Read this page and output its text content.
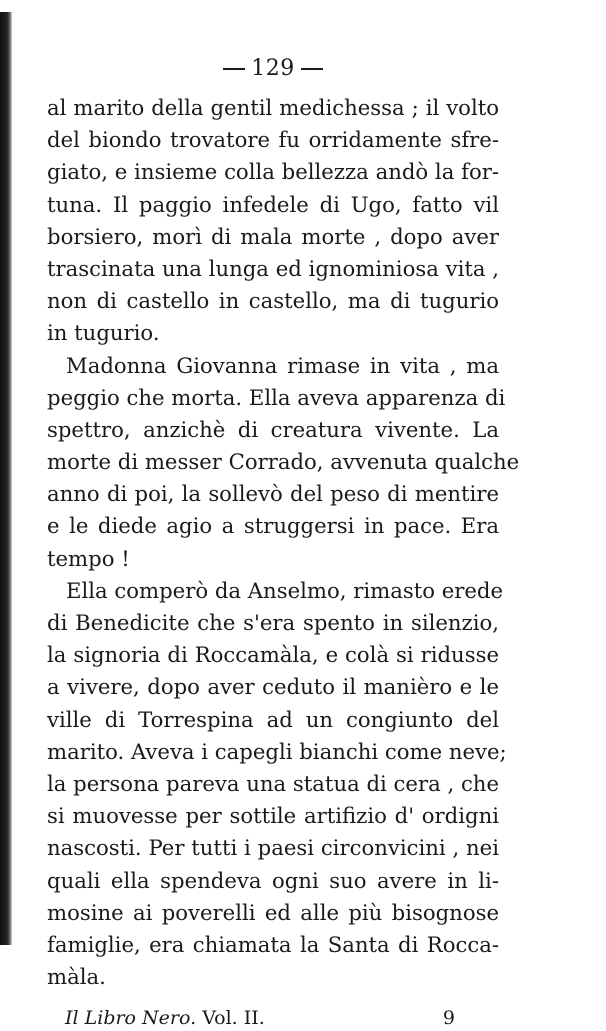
129
al marito della gentil medichessa ; il volto
del biondo trovatore fu orridamente sfre-
giato, e insieme colla bellezza andò la for-
tuna. Il paggio infedele di Ugo, fatto vil
borsiero, morì di mala morte , dopo aver
trascinata una lunga ed ignominiosa vita ,
non di castello in castello, ma di tugurio
in tugurio.
Madonna Giovanna rimase in vita , ma
peggio che morta. Ella aveva apparenza di
spettro, anzichè di creatura vivente. La
morte di messer Corrado, avvenuta qualche
anno di poi, la sollevò del peso di mentire
e le diede agio a struggersi in pace. Era
tempo !
Ella comperò da Anselmo, rimasto erede
di Benedicite che s'era spento in silenzio,
la signoria di Roccamàla, e colà si ridusse
a vivere, dopo aver ceduto il manièro e le
ville di Torrespina ad un congiunto del
marito. Aveva i capegli bianchi come neve;
la persona pareva una statua di cera , che
si muovesse per sottile artifizio d' ordigni
nascosti. Per tutti i paesi circonvicini , nei
quali ella spendeva ogni suo avere in li-
mosine ai poverelli ed alle più bisognose
famiglie, era chiamata la Santa di Rocca-
màla.
Il Libro Nero. Vol. II.	9
